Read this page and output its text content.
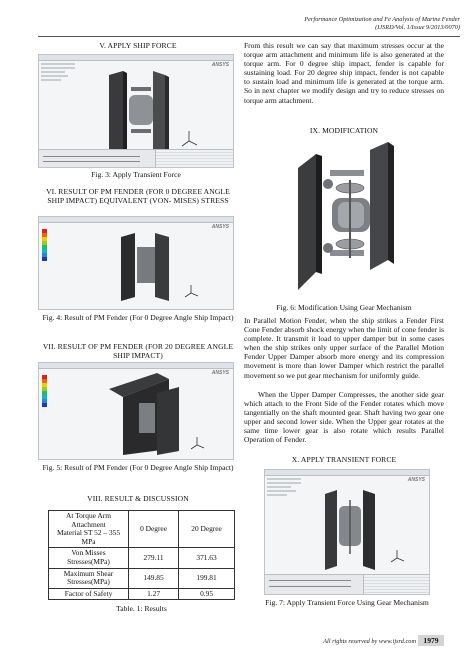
Performance Optimization and Fe Analysis of Marine Fender
(IJSRD/Vol. 1/Issue 9/2013/0070)
V. APPLY SHIP FORCE
ANSYS
Fig. 3: Apply Transient Force
VI. RESULT OF PM FENDER (FOR 0 DEGREE ANGLE SHIP IMPACT) EQUIVALENT (VON- MISES) STRESS
ANSYS
Fig. 4: Result of PM Fender (For 0 Degree Angle Ship Impact)
VII. RESULT OF PM FENDER (FOR 20 DEGREE ANGLE SHIP IMPACT)
ANSYS
Fig. 5: Result of PM Fender (For 0 Degree Angle Ship Impact)
VIII. RESULT & DISCUSSION
At Torque Arm Attachment
Material ST 52 – 355 MPa	0 Degree	20 Degree
Von Misses Stresses(MPa)	279.11	371.63
Maximum Shear Stresses(MPa)	149.85	199.81
Factor of Safety	1.27	0.95
Table. 1: Results
From this result we can say that maximum stresses occur at the torque arm attachment and minimum life is also generated at the torque arm. For 0 degree ship impact, fender is capable for sustaining load. For 20 degree ship impact, fender is not capable to sustain load and minimum life is generated at the torque arm. So in next chapter we modify design and try to reduce stresses on torque arm attachment.
IX. MODIFICATION
Fig. 6: Modification Using Gear Mechanism
In Parallel Motion Fender, when the ship strikes a Fender First Cone Fender absorb shock energy when the limit of cone fender is complete. It transmit it load to upper damper but in some cases when the ship strikes only upper surface of the Parallel Motion Fender Upper Damper absorb more energy and its compression movement is more than lower Damper which restrict the parallel movement so we put gear mechanism for uniformly guide.
When the Upper Damper Compresses, the another side gear which attach to the Front Side of the Fender rotates which move tangentially on the shaft mounted gear. Shaft having two gear one upper and second lower side. When the Upper gear rotates at the same time lower gear is also rotate which results Parallel Operation of Fender.
X. APPLY TRANSIENT FORCE
ANSYS
Fig. 7: Apply Transient Force Using Gear Mechanism
All rights reserved by www.ijsrd.com 1979
